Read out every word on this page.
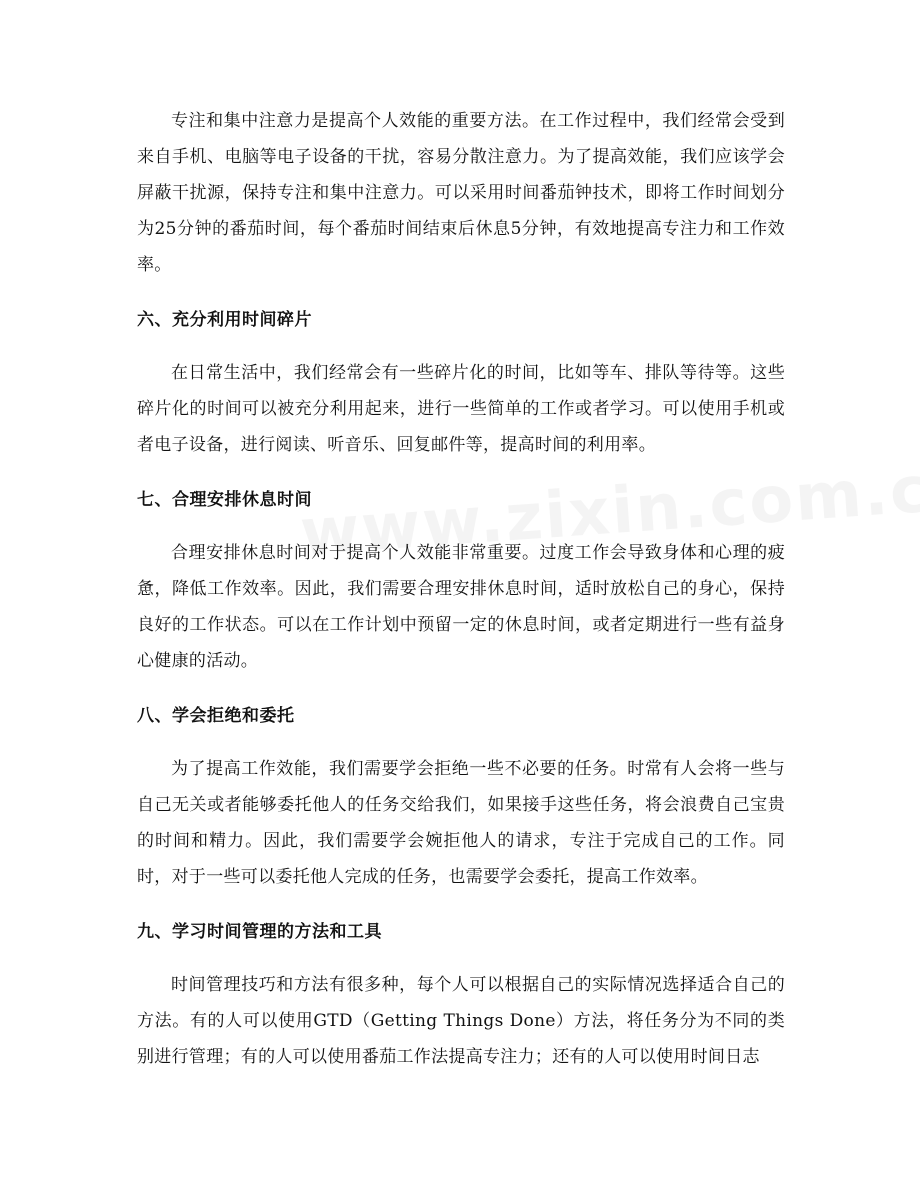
专注和集中注意力是提高个人效能的重要方法。在工作过程中，我们经常会受到来自手机、电脑等电子设备的干扰，容易分散注意力。为了提高效能，我们应该学会屏蔽干扰源，保持专注和集中注意力。可以采用时间番茄钟技术，即将工作时间划分为25分钟的番茄时间，每个番茄时间结束后休息5分钟，有效地提高专注力和工作效率。

六、充分利用时间碎片

在日常生活中，我们经常会有一些碎片化的时间，比如等车、排队等待等。这些碎片化的时间可以被充分利用起来，进行一些简单的工作或者学习。可以使用手机或者电子设备，进行阅读、听音乐、回复邮件等，提高时间的利用率。

七、合理安排休息时间

合理安排休息时间对于提高个人效能非常重要。过度工作会导致身体和心理的疲惫，降低工作效率。因此，我们需要合理安排休息时间，适时放松自己的身心，保持良好的工作状态。可以在工作计划中预留一定的休息时间，或者定期进行一些有益身心健康的活动。

八、学会拒绝和委托

为了提高工作效能，我们需要学会拒绝一些不必要的任务。时常有人会将一些与自己无关或者能够委托他人的任务交给我们，如果接手这些任务，将会浪费自己宝贵的时间和精力。因此，我们需要学会婉拒他人的请求，专注于完成自己的工作。同时，对于一些可以委托他人完成的任务，也需要学会委托，提高工作效率。

九、学习时间管理的方法和工具

时间管理技巧和方法有很多种，每个人可以根据自己的实际情况选择适合自己的方法。有的人可以使用GTD（Getting Things Done）方法，将任务分为不同的类别进行管理；有的人可以使用番茄工作法提高专注力；还有的人可以使用时间日志
